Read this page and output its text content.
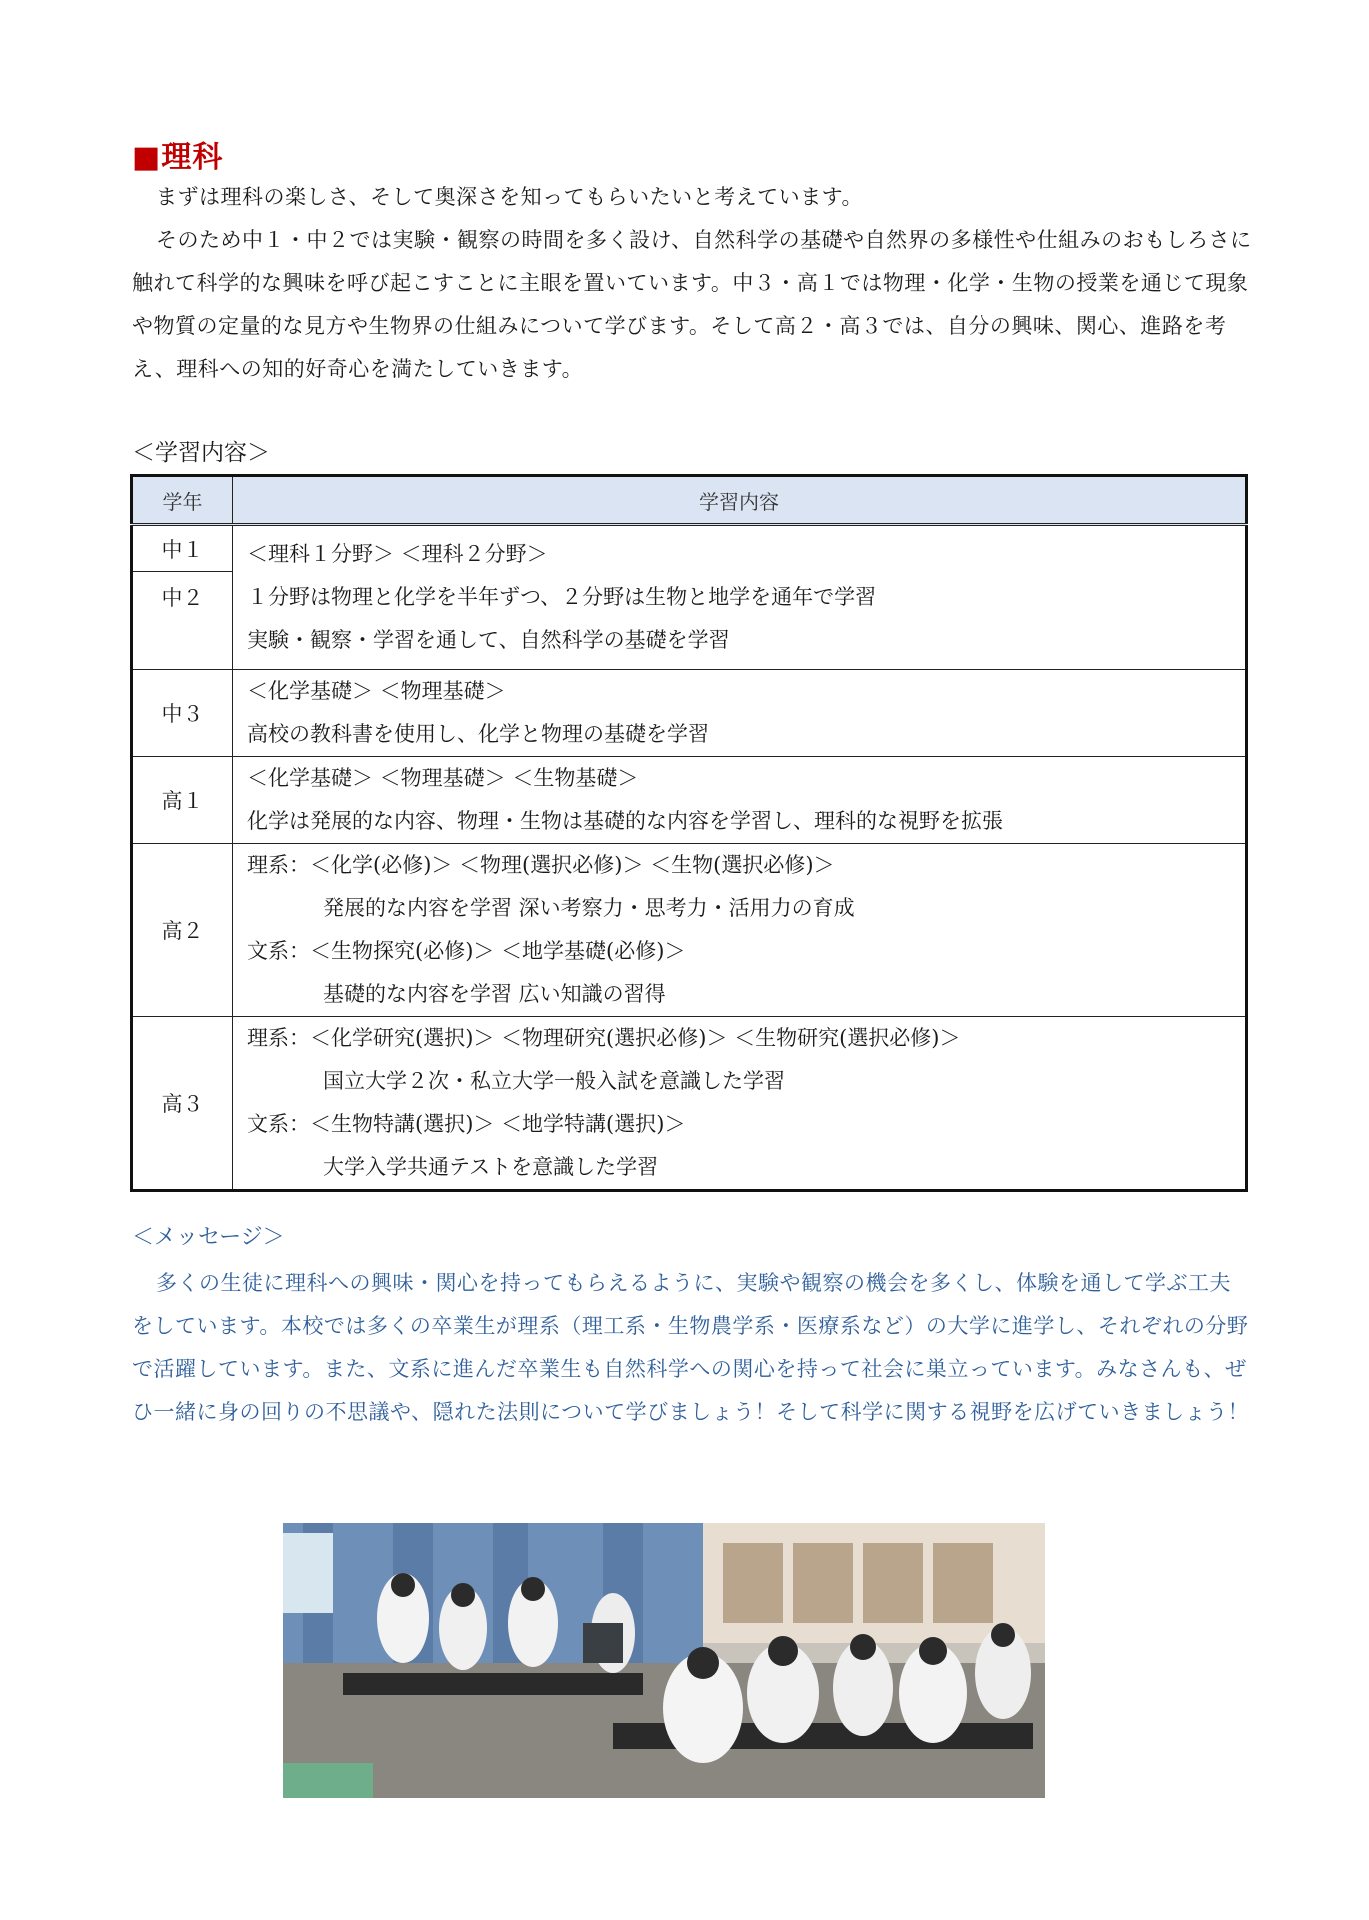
■理科

まずは理科の楽しさ、そして奥深さを知ってもらいたいと考えています。

そのため中１・中２では実験・観察の時間を多く設け、自然科学の基礎や自然界の多様性や仕組みのおもしろさに触れて科学的な興味を呼び起こすことに主眼を置いています。中３・高１では物理・化学・生物の授業を通じて現象や物質の定量的な見方や生物界の仕組みについて学びます。そして高２・高３では、自分の興味、関心、進路を考え、理科への知的好奇心を満たしていきます。

＜学習内容＞
学年	学習内容
中１	＜理科１分野＞ ＜理科２分野＞
１分野は物理と化学を半年ずつ、２分野は生物と地学を通年で学習
実験・観察・学習を通して、自然科学の基礎を学習

中２	
中３	＜化学基礎＞ ＜物理基礎＞
高校の教科書を使用し、化学と物理の基礎を学習

高１	＜化学基礎＞ ＜物理基礎＞ ＜生物基礎＞
化学は発展的な内容、物理・生物は基礎的な内容を学習し、理科的な視野を拡張

高２	理系：＜化学(必修)＞ ＜物理(選択必修)＞ ＜生物(選択必修)＞
発展的な内容を学習 深い考察力・思考力・活用力の育成
文系：＜生物探究(必修)＞ ＜地学基礎(必修)＞
基礎的な内容を学習 広い知識の習得

高３	理系：＜化学研究(選択)＞ ＜物理研究(選択必修)＞ ＜生物研究(選択必修)＞
国立大学２次・私立大学一般入試を意識した学習
文系：＜生物特講(選択)＞ ＜地学特講(選択)＞
大学入学共通テストを意識した学習
＜メッセージ＞

多くの生徒に理科への興味・関心を持ってもらえるように、実験や観察の機会を多くし、体験を通して学ぶ工夫をしています。本校では多くの卒業生が理系（理工系・生物農学系・医療系など）の大学に進学し、それぞれの分野で活躍しています。また、文系に進んだ卒業生も自然科学への関心を持って社会に巣立っています。みなさんも、ぜひ一緒に身の回りの不思議や、隠れた法則について学びましょう！そして科学に関する視野を広げていきましょう！
